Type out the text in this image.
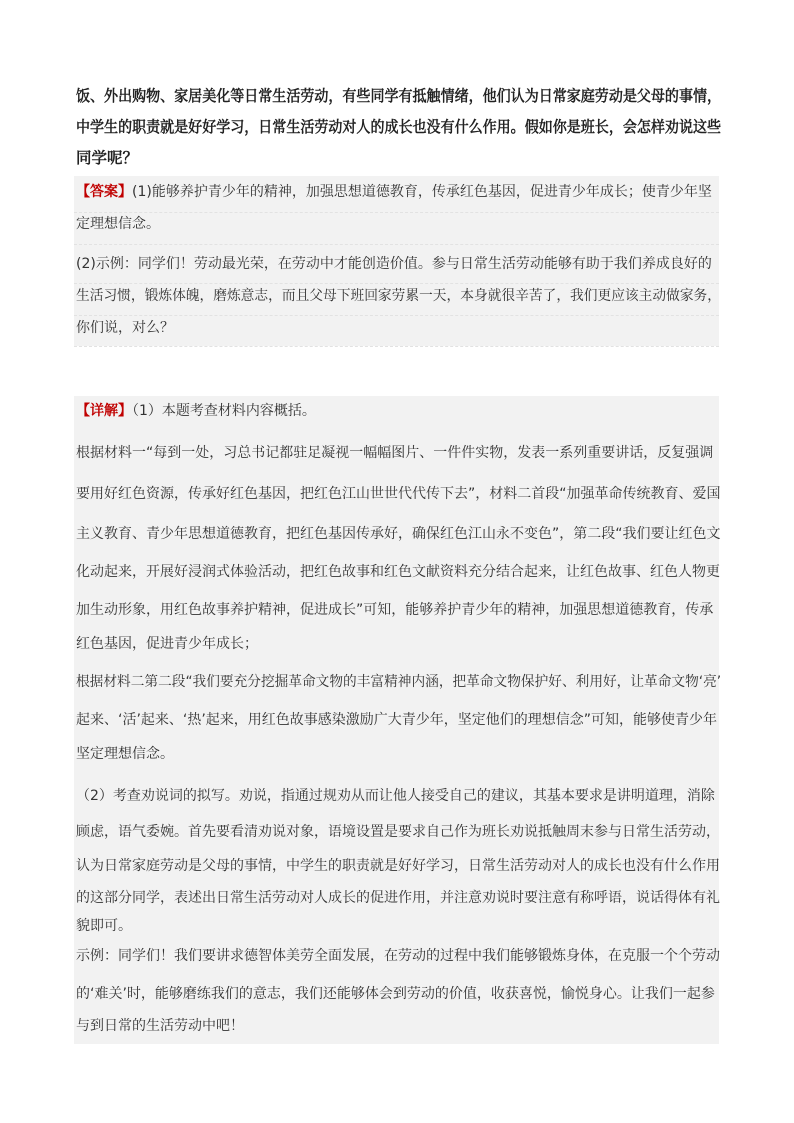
饭、外出购物、家居美化等日常生活劳动，有些同学有抵触情绪，他们认为日常家庭劳动是父母的事情，
中学生的职责就是好好学习，日常生活劳动对人的成长也没有什么作用。假如你是班长，会怎样劝说这些
同学呢？
【答案】(1)能够养护青少年的精神，加强思想道德教育，传承红色基因，促进青少年成长；使青少年坚
定理想信念。
(2)示例：同学们！劳动最光荣，在劳动中才能创造价值。参与日常生活劳动能够有助于我们养成良好的
生活习惯，锻炼体魄，磨炼意志，而且父母下班回家劳累一天，本身就很辛苦了，我们更应该主动做家务，
你们说，对么？
【详解】（1）本题考查材料内容概括。
根据材料一“每到一处，习总书记都驻足凝视一幅幅图片、一件件实物，发表一系列重要讲话，反复强调
要用好红色资源，传承好红色基因，把红色江山世世代代传下去”，材料二首段“加强革命传统教育、爱国
主义教育、青少年思想道德教育，把红色基因传承好，确保红色江山永不变色”，第二段“我们要让红色文
化动起来，开展好浸润式体验活动，把红色故事和红色文献资料充分结合起来，让红色故事、红色人物更
加生动形象，用红色故事养护精神，促进成长”可知，能够养护青少年的精神，加强思想道德教育，传承
红色基因，促进青少年成长；
根据材料二第二段“我们要充分挖掘革命文物的丰富精神内涵，把革命文物保护好、利用好，让革命文物‘亮’
起来、‘活’起来、‘热’起来，用红色故事感染激励广大青少年，坚定他们的理想信念”可知，能够使青少年
坚定理想信念。
（2）考查劝说词的拟写。劝说，指通过规劝从而让他人接受自己的建议，其基本要求是讲明道理，消除
顾虑，语气委婉。首先要看清劝说对象，语境设置是要求自己作为班长劝说抵触周末参与日常生活劳动，
认为日常家庭劳动是父母的事情，中学生的职责就是好好学习，日常生活劳动对人的成长也没有什么作用
的这部分同学，表述出日常生活劳动对人成长的促进作用，并注意劝说时要注意有称呼语，说话得体有礼
貌即可。
示例：同学们！我们要讲求德智体美劳全面发展，在劳动的过程中我们能够锻炼身体，在克服一个个劳动
的‘难关’时，能够磨练我们的意志，我们还能够体会到劳动的价值，收获喜悦，愉悦身心。让我们一起参
与到日常的生活劳动中吧！
